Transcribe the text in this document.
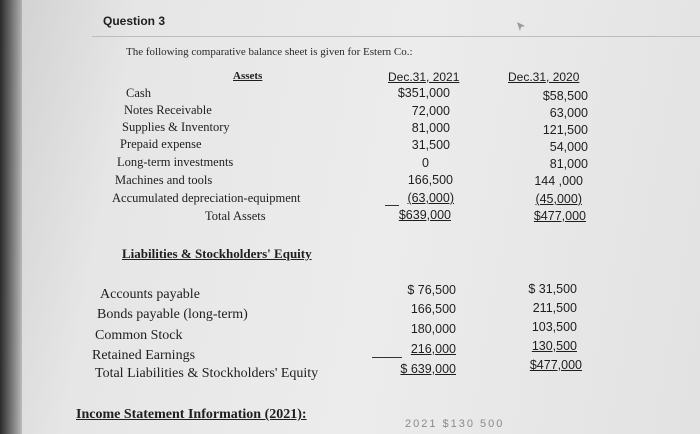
Question 3
The following comparative balance sheet is given for Estern Co.:
Assets	Dec.31, 2021	Dec.31, 2020
Cash	$351,000	$58,500
Notes Receivable	72,000	63,000
Supplies & Inventory	81,000	121,500
Prepaid expense	31,500	54,000
Long-term investments	0	81,000
Machines and tools	166,500	144 ,000
Accumulated depreciation-equipment	(63,000)	(45,000)
Total Assets	$639,000	$477,000
Liabilities & Stockholders' Equity
Accounts payable	$ 76,500	$ 31,500
Bonds payable (long-term)	166,500	211,500
Common Stock	180,000	103,500
Retained Earnings	216,000	130,500
Total Liabilities & Stockholders' Equity	$ 639,000	$477,000
Income Statement Information (2021):
2021 $130 500
